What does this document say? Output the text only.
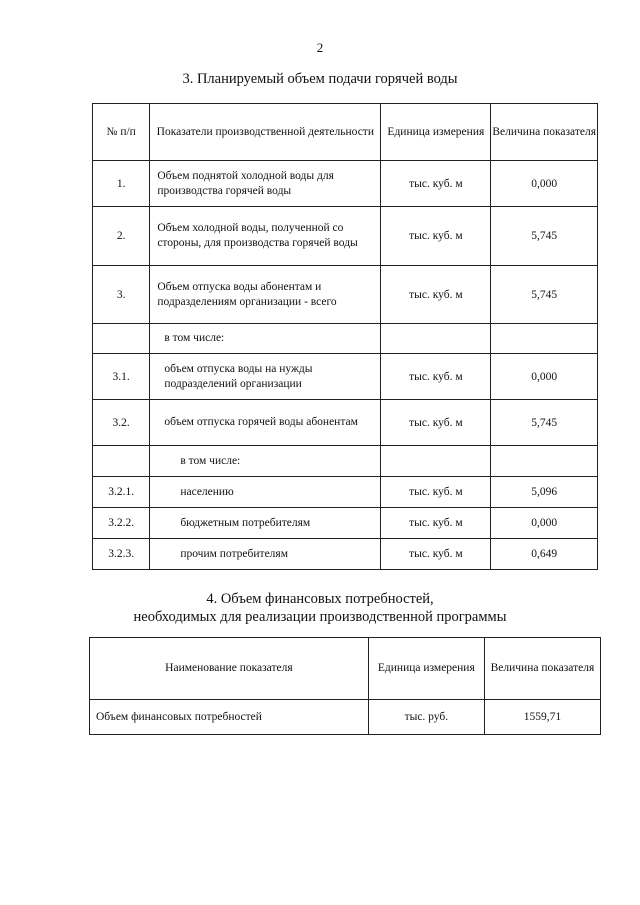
2
3. Планируемый объем подачи горячей воды
№ п/п	Показатели производственной деятельности	Единица измерения	Величина показателя
1.	Объем поднятой холодной воды для производства горячей воды	тыс. куб. м	0,000
2.	Объем холодной воды, полученной со стороны, для производства горячей воды	тыс. куб. м	5,745
3.	Объем отпуска воды абонентам и подразделениям организации - всего	тыс. куб. м	5,745
	в том числе:		
3.1.	объем отпуска воды на нужды подразделений организации	тыс. куб. м	0,000
3.2.	объем отпуска горячей воды абонентам	тыс. куб. м	5,745
	в том числе:		
3.2.1.	населению	тыс. куб. м	5,096
3.2.2.	бюджетным потребителям	тыс. куб. м	0,000
3.2.3.	прочим потребителям	тыс. куб. м	0,649
4. Объем финансовых потребностей,
необходимых для реализации производственной программы
Наименование показателя	Единица измерения	Величина показателя
Объем финансовых потребностей	тыс. руб.	1559,71
